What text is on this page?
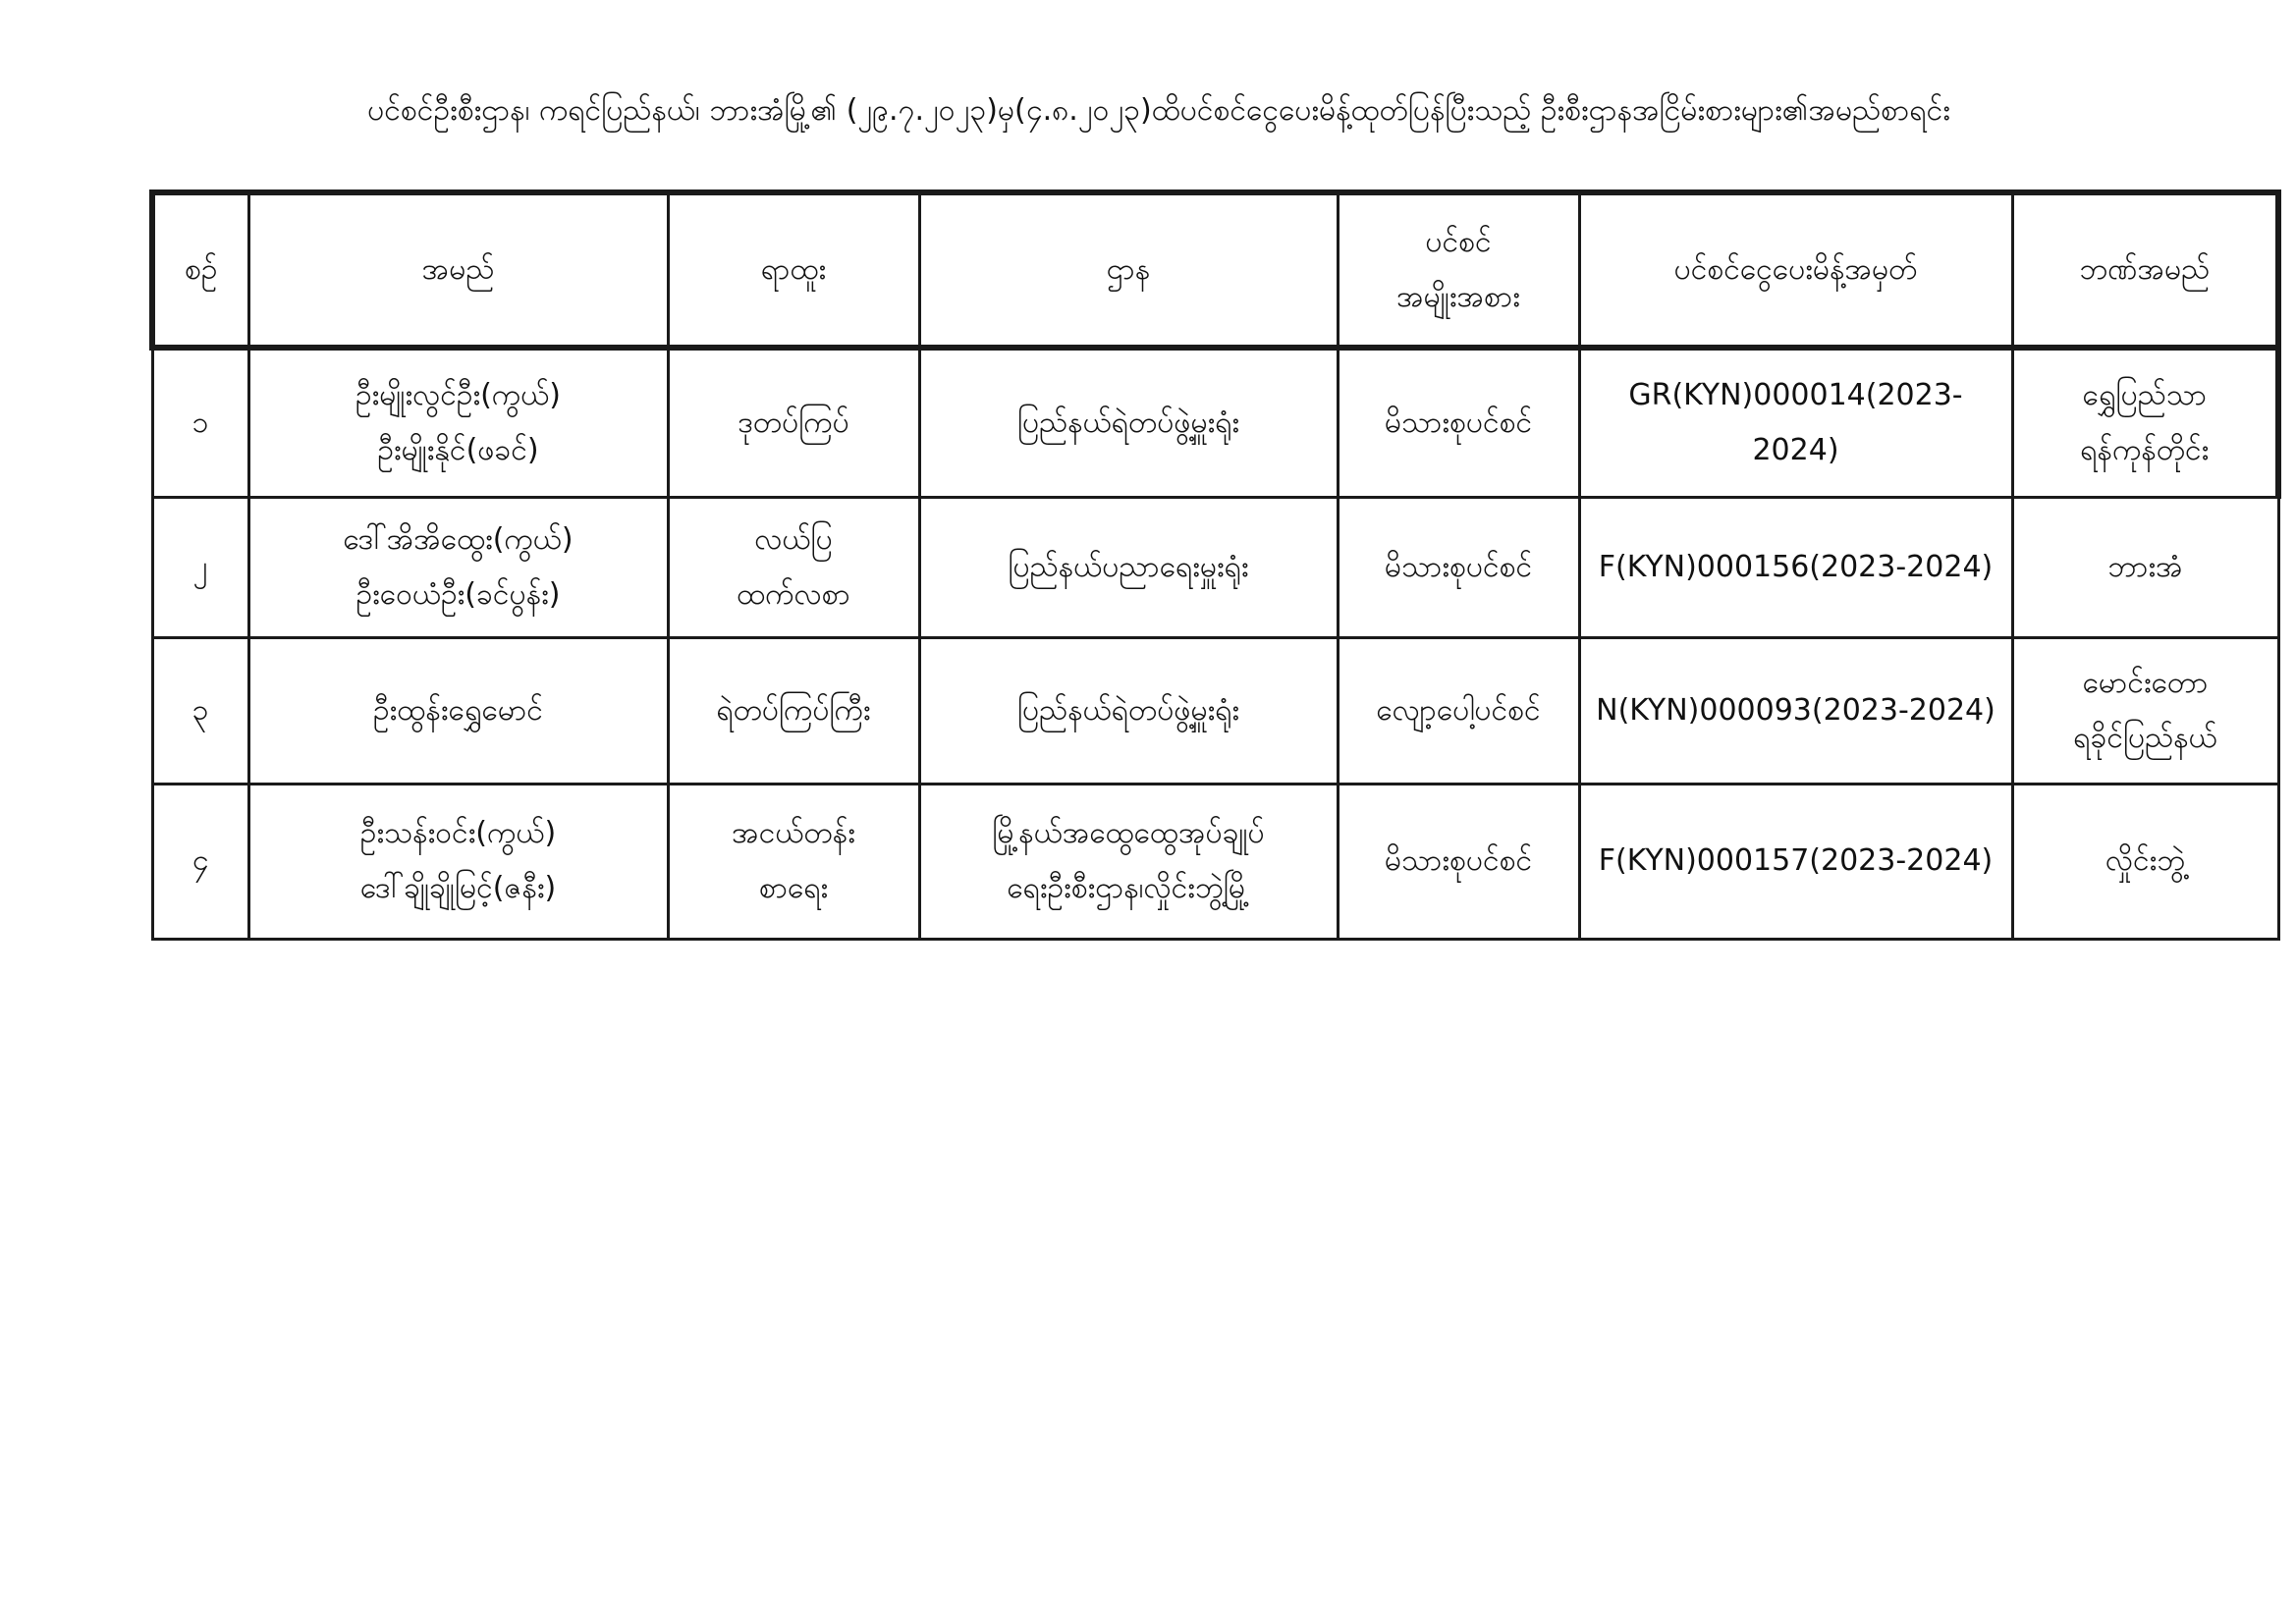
ပင်စင်ဦးစီးဌာန၊ ကရင်ပြည်နယ်၊ ဘားအံမြို့၏ (၂၉.၇.၂၀၂၃)မှ(၄.၈.၂၀၂၃)ထိပင်စင်ငွေပေးမိန့်ထုတ်ပြန်ပြီးသည့် ဦးစီးဌာနအငြိမ်းစားများ၏အမည်စာရင်း
စဉ်	အမည်	ရာထူး	ဌာန	ပင်စင်
အမျိုးအစား	ပင်စင်ငွေပေးမိန့်အမှတ်	ဘဏ်အမည်
၁	ဦးမျိုးလွင်ဦး(ကွယ်)
ဦးမျိုးနိုင်(ဖခင်)	ဒုတပ်ကြပ်	ပြည်နယ်ရဲတပ်ဖွဲ့မှူးရုံး	မိသားစုပင်စင်	GR(KYN)000014(2023-2024)	ရွှေပြည်သာ
ရန်ကုန်တိုင်း

၂	ဒေါ်အိအိထွေး(ကွယ်)
ဦးဝေယံဦး(ခင်ပွန်း)	လယ်ပြ
ထက်လစာ	ပြည်နယ်ပညာရေးမှူးရုံး	မိသားစုပင်စင်	F(KYN)000156(2023-2024)	ဘားအံ

၃	ဦးထွန်းရွှေမောင်	ရဲတပ်ကြပ်ကြီး	ပြည်နယ်ရဲတပ်ဖွဲ့မှူးရုံး	လျော့ပေါ့ပင်စင်	N(KYN)000093(2023-2024)	မောင်းတော
ရခိုင်ပြည်နယ်

၄	ဦးသန်းဝင်း(ကွယ်)
ဒေါ်ချိုချိုမြင့်(ဇနီး)	အငယ်တန်း
စာရေး	မြို့နယ်အထွေထွေအုပ်ချုပ်
ရေးဦးစီးဌာန၊လှိုင်းဘွဲ့မြို့	မိသားစုပင်စင်	F(KYN)000157(2023-2024)	လှိုင်းဘွဲ့
